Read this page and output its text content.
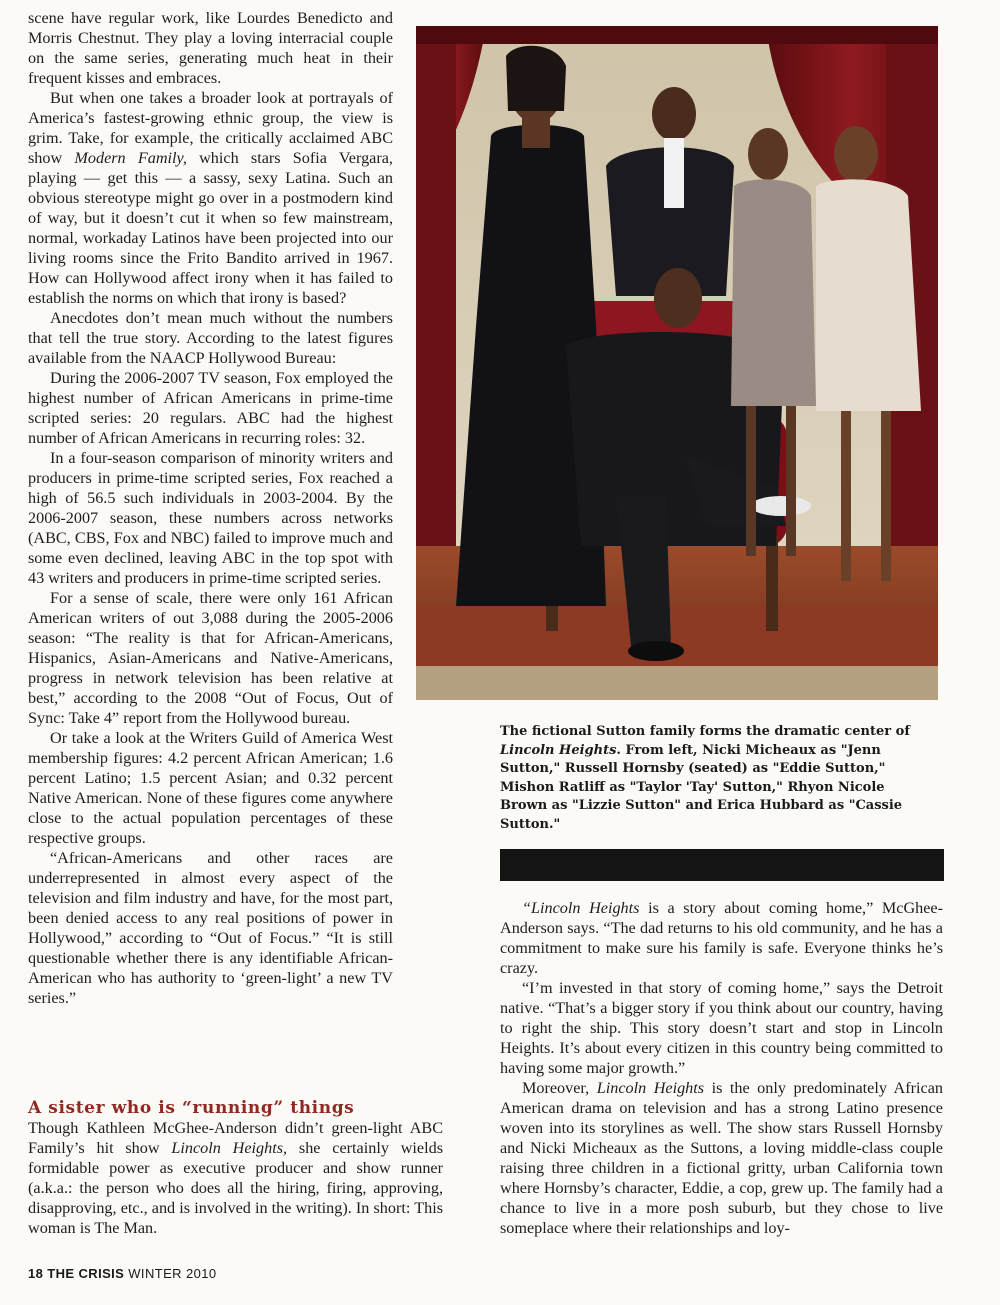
scene have regular work, like Lourdes Benedicto and Morris Chestnut. They play a loving interracial couple on the same series, generating much heat in their frequent kisses and embraces.

But when one takes a broader look at portrayals of America’s fastest-growing ethnic group, the view is grim. Take, for example, the critically acclaimed ABC show Modern Family, which stars Sofia Vergara, playing — get this — a sassy, sexy Latina. Such an obvious stereotype might go over in a postmodern kind of way, but it doesn’t cut it when so few mainstream, normal, workaday Latinos have been projected into our living rooms since the Frito Bandito arrived in 1967. How can Hollywood affect irony when it has failed to establish the norms on which that irony is based?

Anecdotes don’t mean much without the numbers that tell the true story. According to the latest figures available from the NAACP Hollywood Bureau:

During the 2006-2007 TV season, Fox employed the highest number of African Americans in prime-time scripted series: 20 regulars. ABC had the highest number of African Americans in recurring roles: 32.

In a four-season comparison of minority writers and producers in prime-time scripted series, Fox reached a high of 56.5 such individuals in 2003-2004. By the 2006-2007 season, these numbers across networks (ABC, CBS, Fox and NBC) failed to improve much and some even declined, leaving ABC in the top spot with 43 writers and producers in prime-time scripted series.

For a sense of scale, there were only 161 African American writers of out 3,088 during the 2005-2006 season: “The reality is that for African-Americans, Hispanics, Asian-Americans and Native-Americans, progress in network television has been relative at best,” according to the 2008 “Out of Focus, Out of Sync: Take 4” report from the Hollywood bureau.

Or take a look at the Writers Guild of America West membership figures: 4.2 percent African American; 1.6 percent Latino; 1.5 percent Asian; and 0.32 percent Native American. None of these figures come anywhere close to the actual population percentages of these respective groups.

“African-Americans and other races are underrepresented in almost every aspect of the television and film industry and have, for the most part, been denied access to any real positions of power in Hollywood,” according to “Out of Focus.” “It is still questionable whether there is any identifiable African-American who has authority to ‘green-light’ a new TV series.”

The fictional Sutton family forms the dramatic center of Lincoln Heights. From left, Nicki Micheaux as "Jenn Sutton," Russell Hornsby (seated) as "Eddie Sutton," Mishon Ratliff as "Taylor 'Tay' Sutton," Rhyon Nicole Brown as "Lizzie Sutton" and Erica Hubbard as "Cassie Sutton."

A sister who is “running” things

Though Kathleen McGhee-Anderson didn’t green-light ABC Family’s hit show Lincoln Heights, she certainly wields formidable power as executive producer and show runner (a.k.a.: the person who does all the hiring, firing, approving, disapproving, etc., and is involved in the writing). In short: This woman is The Man.

“Lincoln Heights is a story about coming home,” McGhee-Anderson says. “The dad returns to his old community, and he has a commitment to make sure his family is safe. Everyone thinks he’s crazy.

“I’m invested in that story of coming home,” says the Detroit native. “That’s a bigger story if you think about our country, having to right the ship. This story doesn’t start and stop in Lincoln Heights. It’s about every citizen in this country being committed to having some major growth.”

Moreover, Lincoln Heights is the only predominately African American drama on television and has a strong Latino presence woven into its storylines as well. The show stars Russell Hornsby and Nicki Micheaux as the Suttons, a loving middle-class couple raising three children in a fictional gritty, urban California town where Hornsby’s character, Eddie, a cop, grew up. The family had a chance to live in a more posh suburb, but they chose to live someplace where their relationships and loy-

18 THE CRISIS WINTER 2010
